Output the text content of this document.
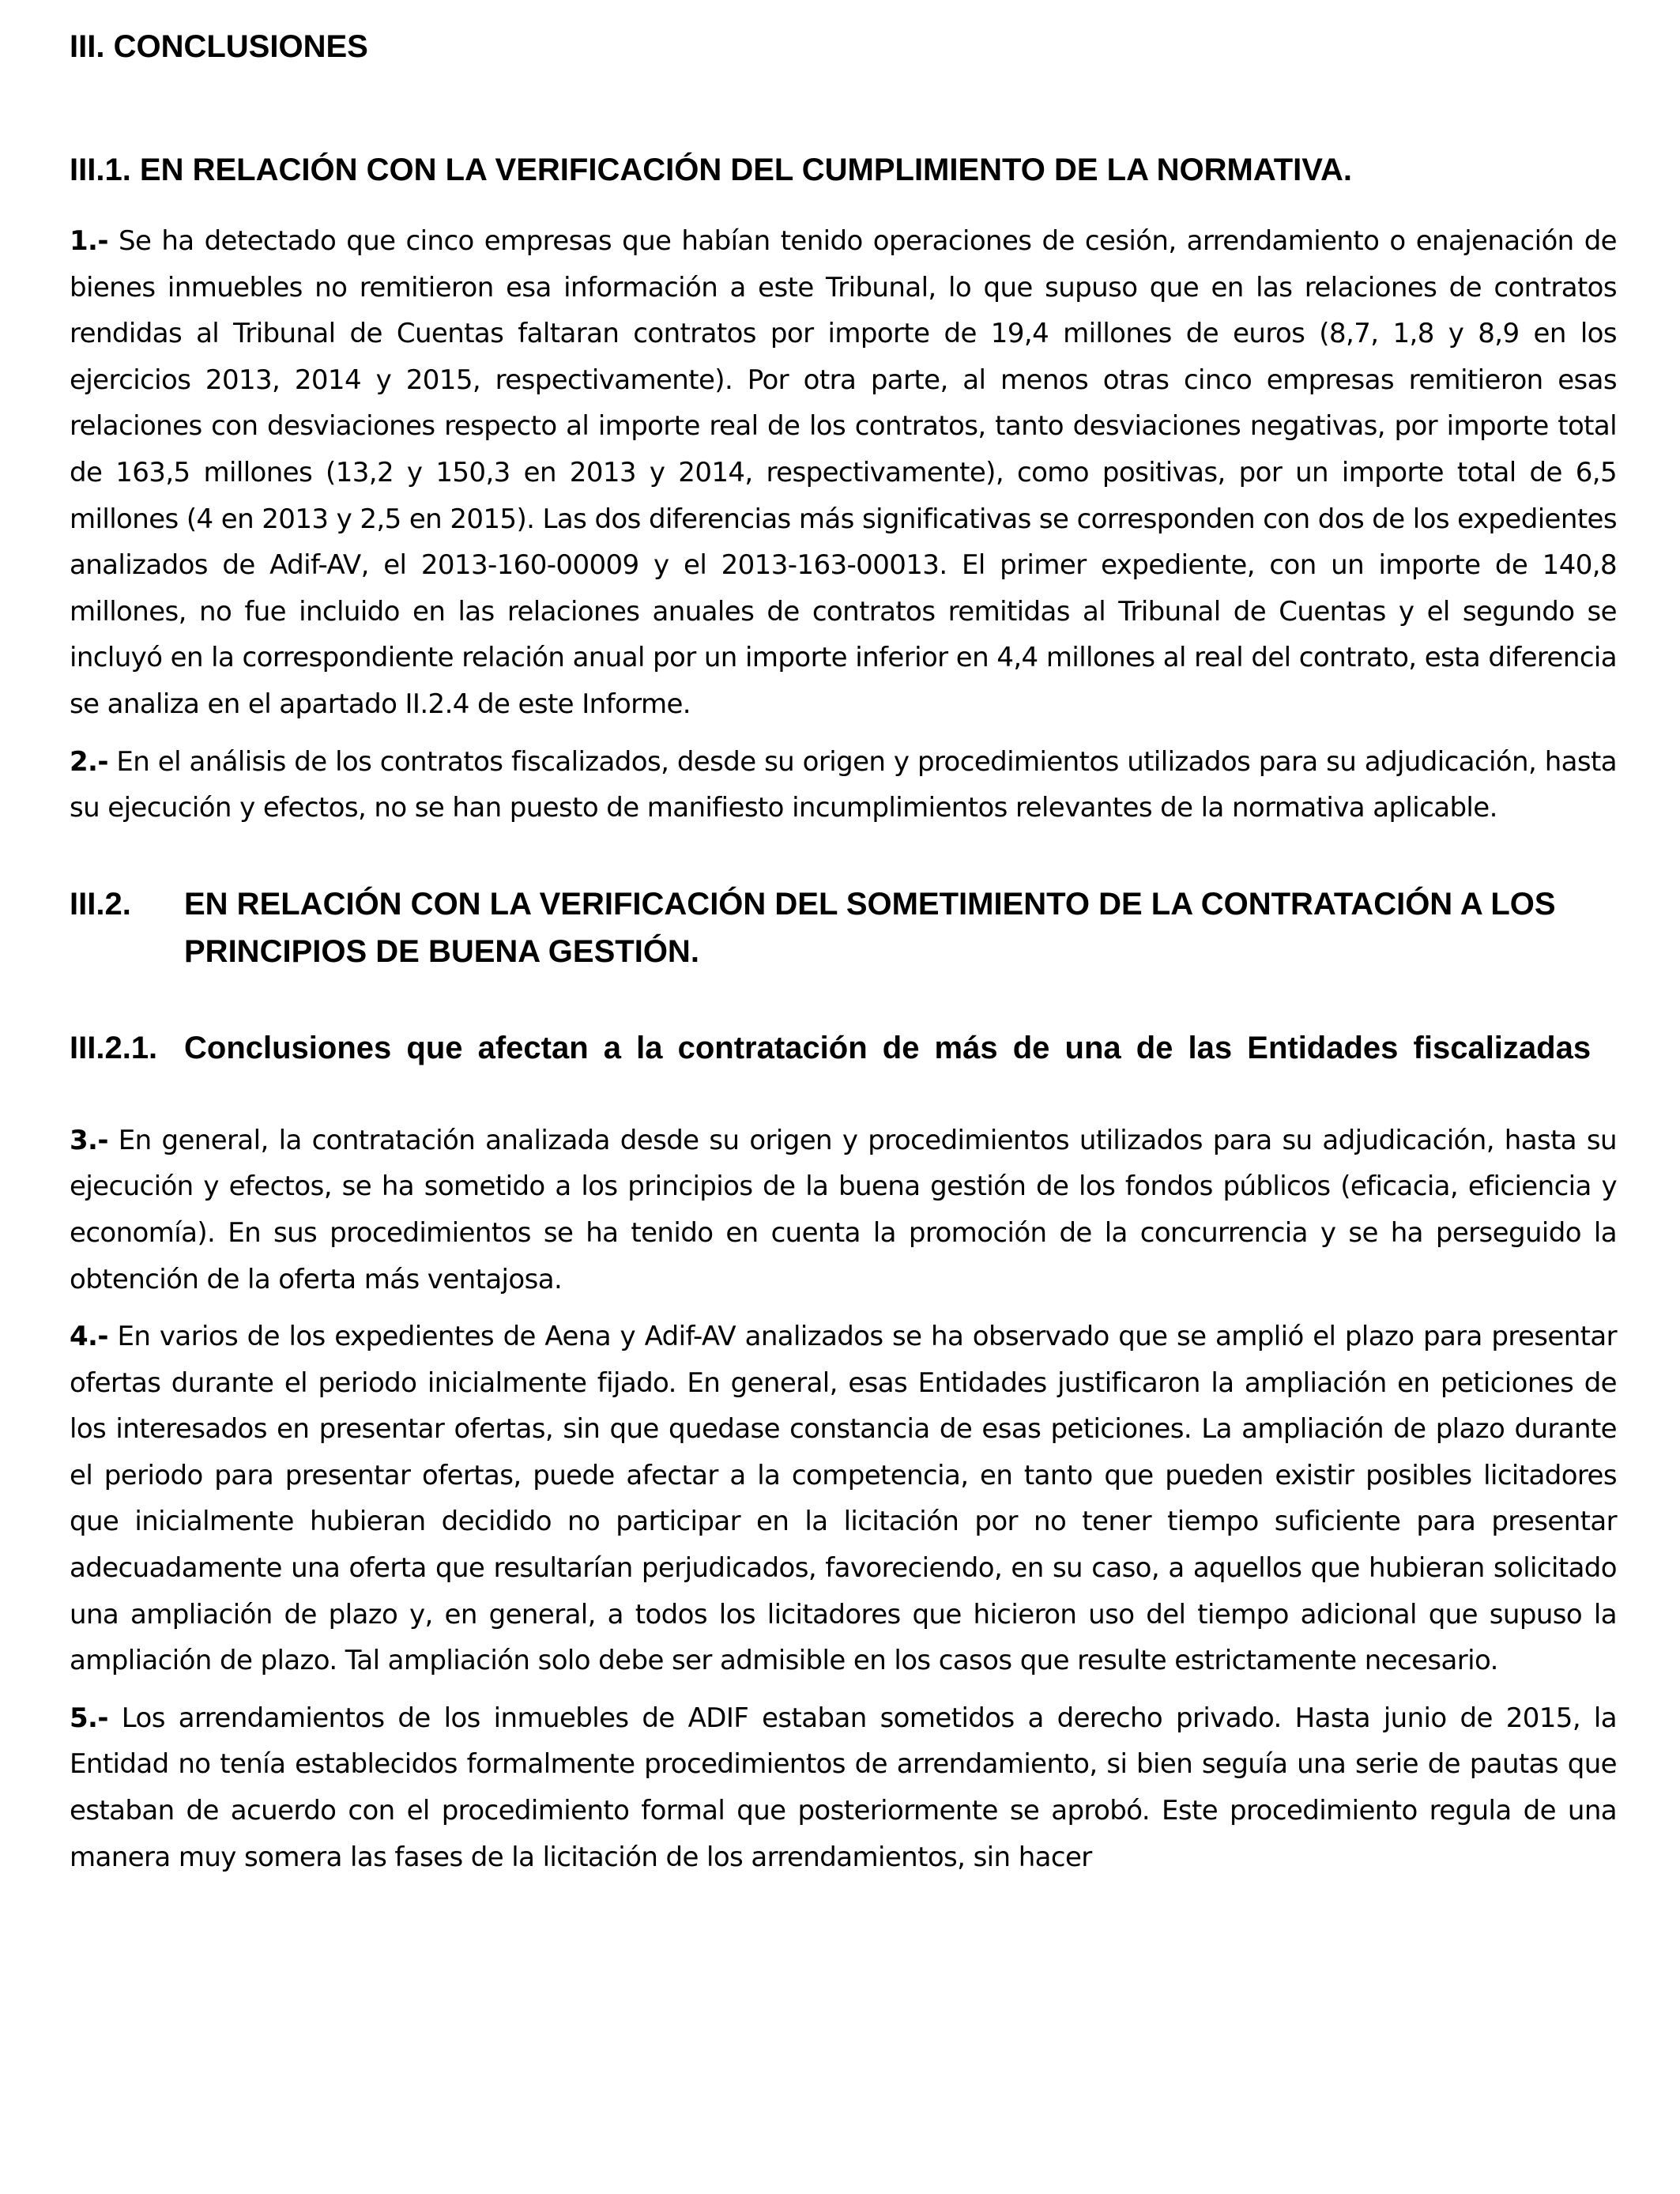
III. CONCLUSIONES
III.1. EN RELACIÓN CON LA VERIFICACIÓN DEL CUMPLIMIENTO DE LA NORMATIVA.

1.- Se ha detectado que cinco empresas que habían tenido operaciones de cesión, arrendamiento o enajenación de bienes inmuebles no remitieron esa información a este Tribunal, lo que supuso que en las relaciones de contratos rendidas al Tribunal de Cuentas faltaran contratos por importe de 19,4 millones de euros (8,7, 1,8 y 8,9 en los ejercicios 2013, 2014 y 2015, respectivamente). Por otra parte, al menos otras cinco empresas remitieron esas relaciones con desviaciones respecto al importe real de los contratos, tanto desviaciones negativas, por importe total de 163,5 millones (13,2 y 150,3 en 2013 y 2014, respectivamente), como positivas, por un importe total de 6,5 millones (4 en 2013 y 2,5 en 2015). Las dos diferencias más significativas se corresponden con dos de los expedientes analizados de Adif-AV, el 2013-160-00009 y el 2013-163-00013. El primer expediente, con un importe de 140,8 millones, no fue incluido en las relaciones anuales de contratos remitidas al Tribunal de Cuentas y el segundo se incluyó en la correspondiente relación anual por un importe inferior en 4,4 millones al real del contrato, esta diferencia se analiza en el apartado II.2.4 de este Informe.

2.- En el análisis de los contratos fiscalizados, desde su origen y procedimientos utilizados para su adjudicación, hasta su ejecución y efectos, no se han puesto de manifiesto incumplimientos relevantes de la normativa aplicable.

III.2.	EN RELACIÓN CON LA VERIFICACIÓN DEL SOMETIMIENTO DE LA CONTRATACIÓN A LOS PRINCIPIOS DE BUENA GESTIÓN.
III.2.1. Conclusiones que afectan a la contratación de más de una de las Entidades fiscalizadas

3.- En general, la contratación analizada desde su origen y procedimientos utilizados para su adjudicación, hasta su ejecución y efectos, se ha sometido a los principios de la buena gestión de los fondos públicos (eficacia, eficiencia y economía). En sus procedimientos se ha tenido en cuenta la promoción de la concurrencia y se ha perseguido la obtención de la oferta más ventajosa.

4.- En varios de los expedientes de Aena y Adif-AV analizados se ha observado que se amplió el plazo para presentar ofertas durante el periodo inicialmente fijado. En general, esas Entidades justificaron la ampliación en peticiones de los interesados en presentar ofertas, sin que quedase constancia de esas peticiones. La ampliación de plazo durante el periodo para presentar ofertas, puede afectar a la competencia, en tanto que pueden existir posibles licitadores que inicialmente hubieran decidido no participar en la licitación por no tener tiempo suficiente para presentar adecuadamente una oferta que resultarían perjudicados, favoreciendo, en su caso, a aquellos que hubieran solicitado una ampliación de plazo y, en general, a todos los licitadores que hicieron uso del tiempo adicional que supuso la ampliación de plazo. Tal ampliación solo debe ser admisible en los casos que resulte estrictamente necesario.

5.- Los arrendamientos de los inmuebles de ADIF estaban sometidos a derecho privado. Hasta junio de 2015, la Entidad no tenía establecidos formalmente procedimientos de arrendamiento, si bien seguía una serie de pautas que estaban de acuerdo con el procedimiento formal que posteriormente se aprobó. Este procedimiento regula de una manera muy somera las fases de la licitación de los arrendamientos, sin hacer
